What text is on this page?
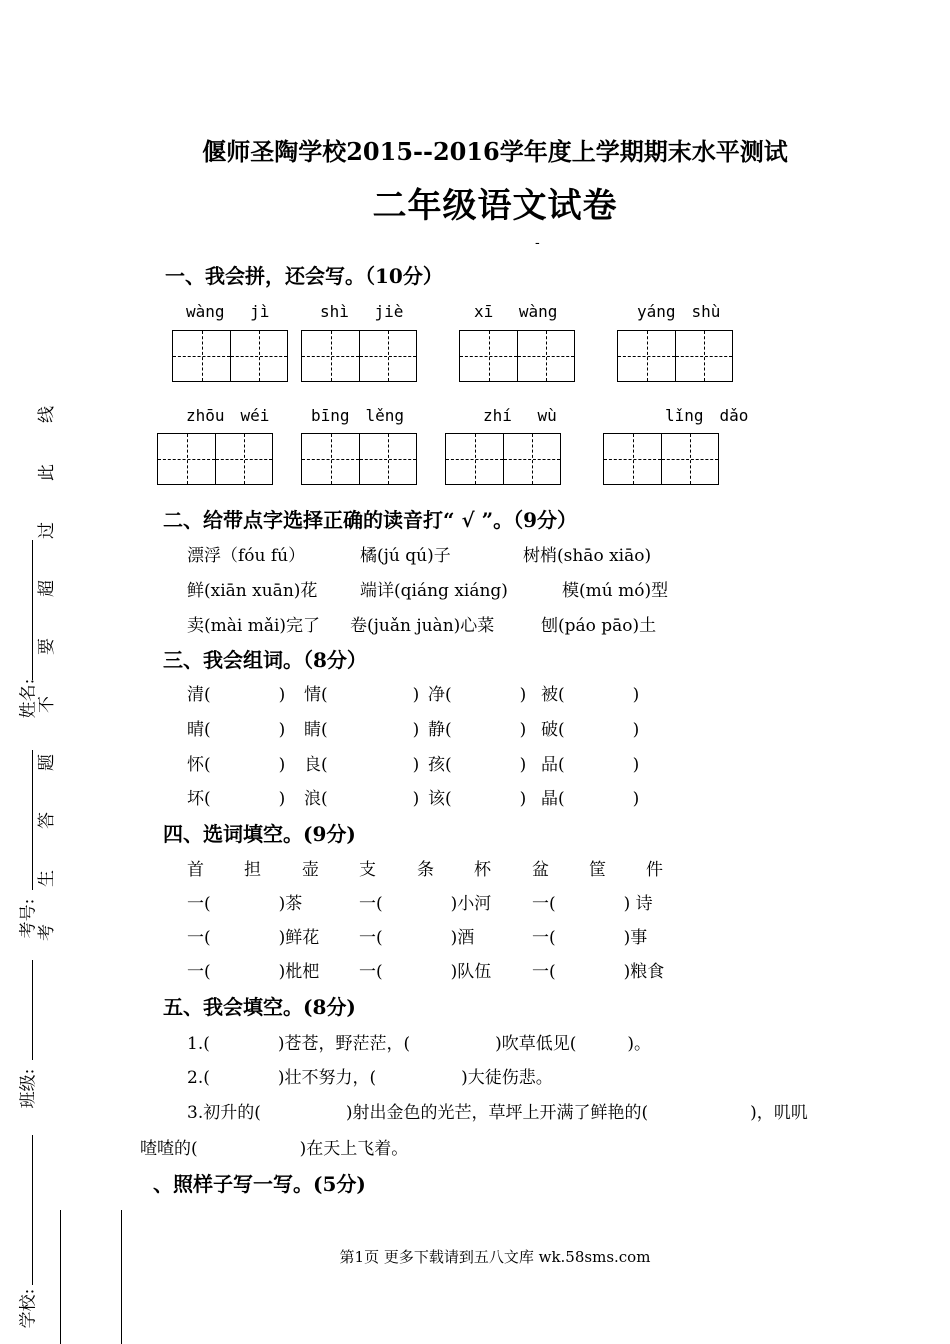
偃师圣陶学校2015--2016学年度上学期期末水平测试
二年级语文试卷
-
线
此
过
超
要
不
题
答
生
考
姓名:
考号:
班级:
学校:
一、我会拼，还会写。（10分）
wàng　 jì	shì　 jiè	xī　 wàng	yáng　shù
zhōu　wéi	bīng　lěng	zhí　 wù	lǐng　dǎo
二、给带点字选择正确的读音打“ √ ”。（9分）
漂浮（fóu fú）	橘(jú qú)子	树梢(shāo xiāo)
鲜(xiān xuān)花	端详(qiáng xiáng)	模(mú mó)型
卖(mài mǎi)完了 卷(juǎn juàn)心菜	刨(páo pāo)土
三、我会组词。（8分）
清(　　　　) 情(　　　　　) 净(　　　　) 被(　　　　)
晴(　　　　) 睛(　　　　　) 静(　　　　) 破(　　　　)
怀(　　　　) 良(　　　　　) 孩(　　　　) 品(　　　　)
坏(　　　　) 浪(　　　　　) 该(　　　　) 晶(　　　　)
四、选词填空。(9分)
首 担 壶 支 条 杯 盆 筐 件
一(　　　　)茶	一(　　　　)小河 一(　　　　) 诗
一(　　　　)鲜花 一(　　　　)酒	一(　　　　)事
一(　　　　)枇杷 一(　　　　)队伍 一(　　　　)粮食
五、我会填空。(8分)
1.(　　　　)苍苍，野茫茫，(　　　　　)吹草低见(　　　)。
2.(　　　　)壮不努力，(　　　　　)大徒伤悲。
3.初升的(　　　　　)射出金色的光芒，草坪上开满了鲜艳的(　　　　　　)，叽叽
喳喳的(　　　　　　)在天上飞着。
、照样子写一写。(5分)
第1页 更多下载请到五八文库 wk.58sms.com
